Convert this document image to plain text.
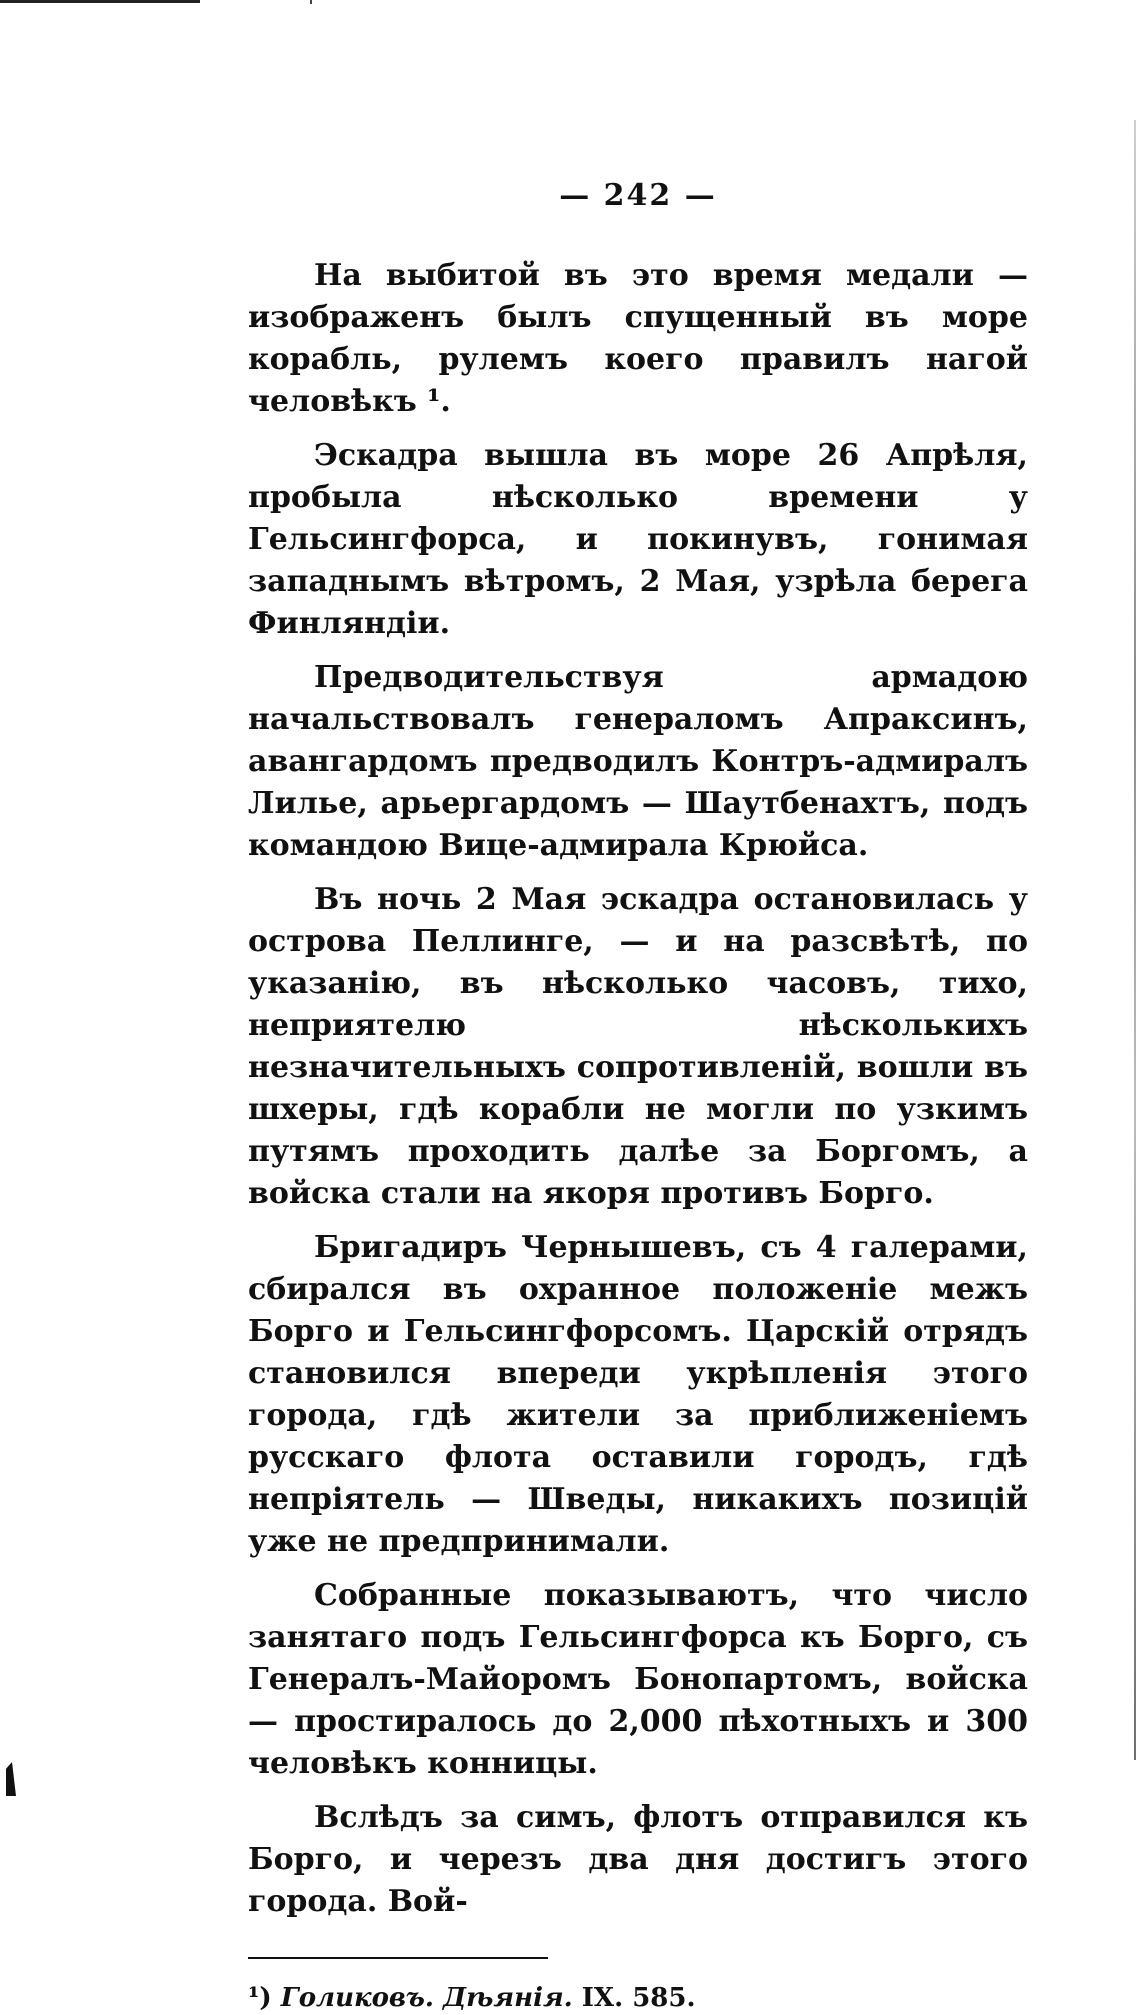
— 242 —

На выбитой въ это время медали — изображенъ былъ спущенный въ море корабль, рулемъ коего правилъ нагой человѣкъ ¹.

Эскадра вышла въ море 26 Апрѣля, пробыла нѣсколько времени у Гельсингфорса, и покинувъ, гонимая западнымъ вѣтромъ, 2 Мая, узрѣла берега Финляндіи.

Предводительствуя армадою начальствовалъ генераломъ Апраксинъ, авангардомъ предводилъ Контръ-адмиралъ Лилье, арьергардомъ — Шаутбенахтъ, подъ командою Вице-адмирала Крюйса.

Въ ночь 2 Мая эскадра остановилась у острова Пеллинге, — и на разсвѣтѣ, по указанію, въ нѣсколько часовъ, тихо, неприятелю нѣсколькихъ незначительныхъ сопротивленій, вошли въ шхеры, гдѣ корабли не могли по узкимъ путямъ проходить далѣе за Боргомъ, а войска стали на якоря противъ Борго.

Бригадиръ Чернышевъ, съ 4 галерами, сбирался въ охранное положеніе межъ Борго и Гельсингфорсомъ. Царскій отрядъ становился впереди укрѣпленія этого города, гдѣ жители за приближеніемъ русскаго флота оставили городъ, гдѣ непріятель — Шведы, никакихъ позицій уже не предпринимали.

Собранные показываютъ, что число занятаго подъ Гельсингфорса къ Борго, съ Генералъ-Майоромъ Бонопартомъ, войска — простиралось до 2,000 пѣхотныхъ и 300 человѣкъ конницы.

Вслѣдъ за симъ, флотъ отправился къ Борго, и черезъ два дня достигъ этого города. Вой-

¹) Голиковъ. Дѣянія. IX. 585.
